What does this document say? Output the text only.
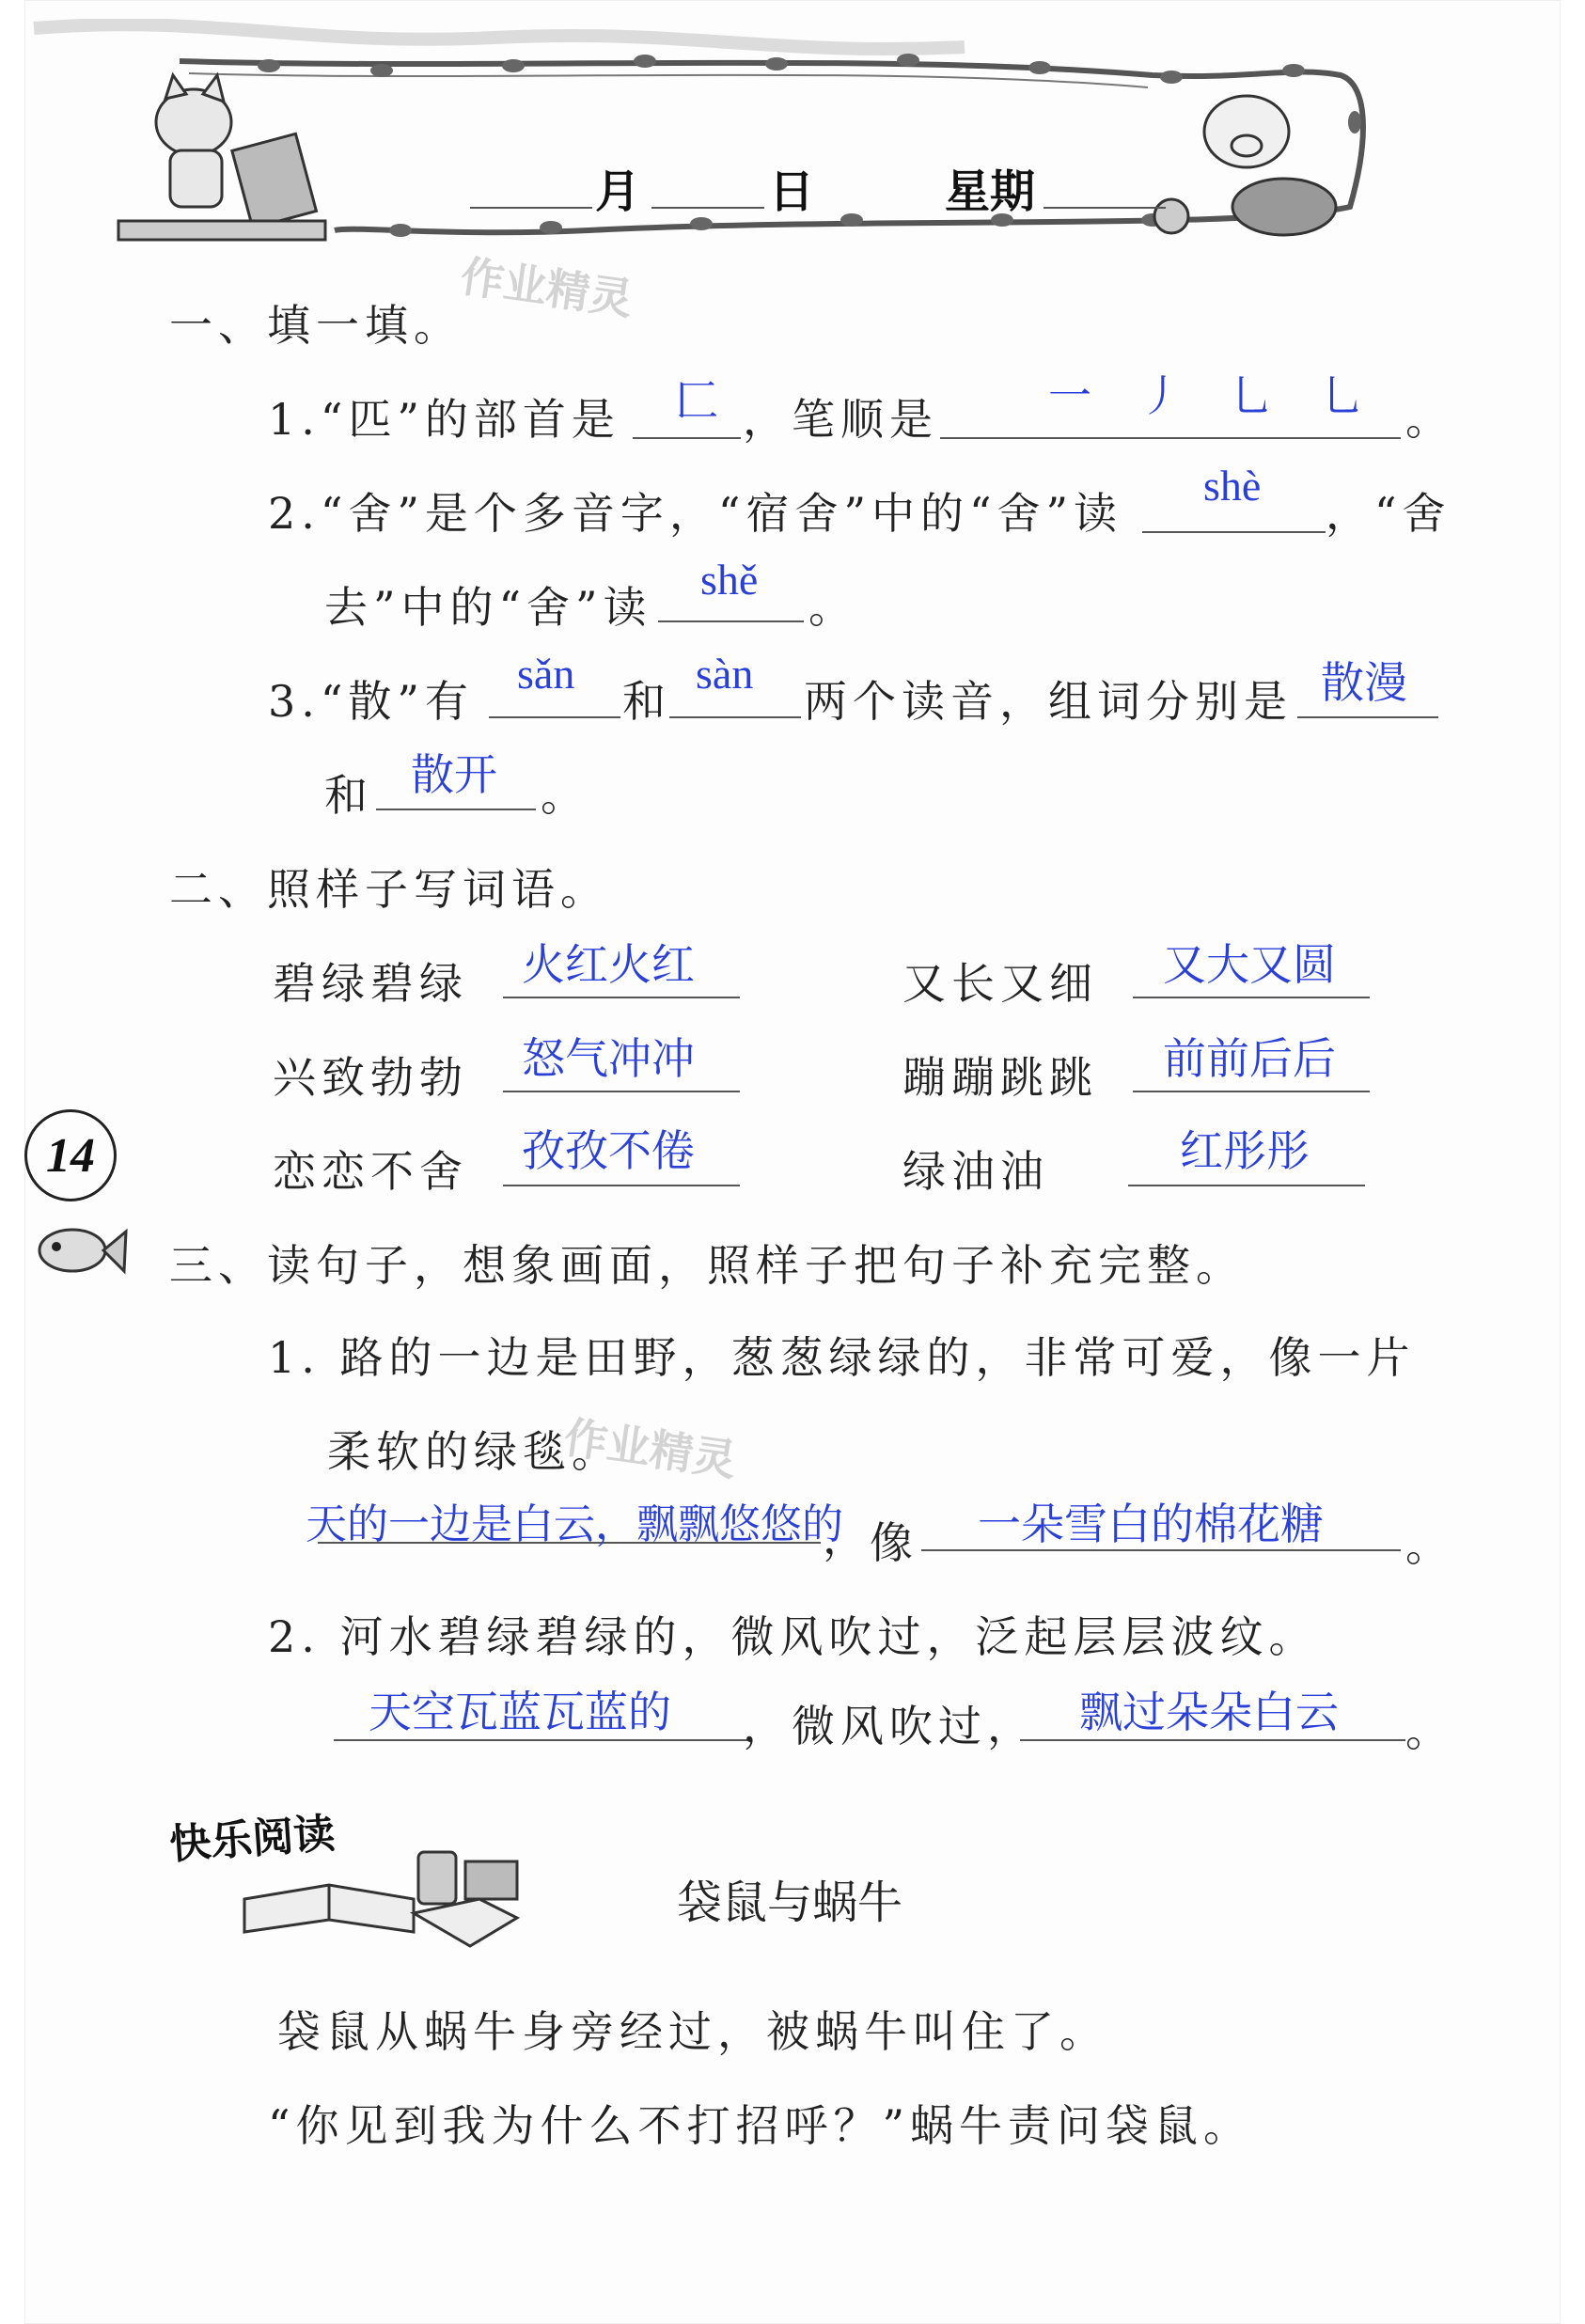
月	日	星期
作业精灵
作业精灵
一、填一填。
1.“匹”的部首是 匚 ，笔顺是	一 丿 乚 乚 。
2.“舍”是个多音字，“宿舍”中的“舍”读
shè
，“舍
去”中的“舍”读
shě
。
3.“散”有
sǎn
和
sàn
两个读音，组词分别是 散漫
和 散开 。
二、照样子写词语。
碧绿碧绿 火红火红	又长又细 又大又圆
兴致勃勃 怒气冲冲	蹦蹦跳跳 前前后后
恋恋不舍 孜孜不倦	绿油油	红彤彤
14
三、读句子，想象画面，照样子把句子补充完整。
1. 路的一边是田野，葱葱绿绿的，非常可爱，像一片
柔软的绿毯。
天的一边是白云，飘飘悠悠的
，
像 一朵雪白的棉花糖 。
2. 河水碧绿碧绿的，微风吹过，泛起层层波纹。
天空瓦蓝瓦蓝的 ，微风吹过， 飘过朵朵白云 。
快乐阅读
袋鼠与蜗牛
袋鼠从蜗牛身旁经过，被蜗牛叫住了。
“你见到我为什么不打招呼？”蜗牛责问袋鼠。
